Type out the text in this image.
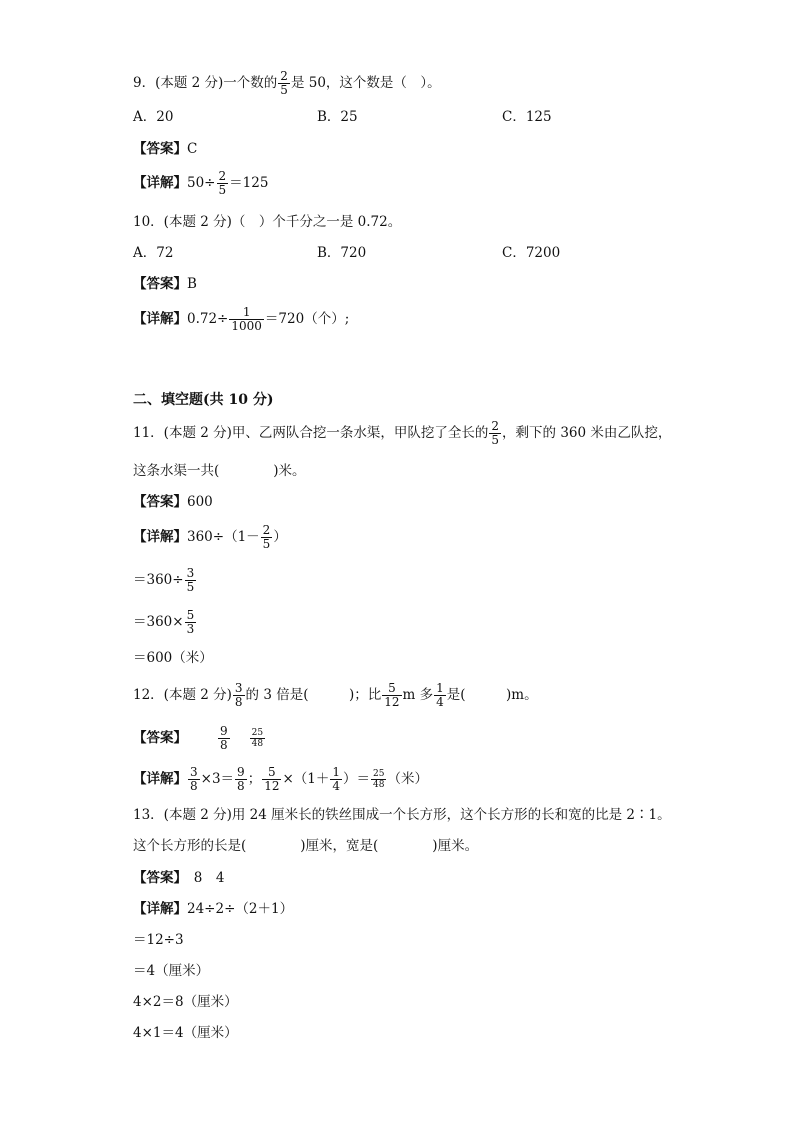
9．(本题 2 分)一个数的 $\frac{2}{5}$ 是 50，这个数是（　）。
A．20	B．25	C．125
【答案】C
【详解】$50\div \frac{2}{5} =125$
10．(本题 2 分)（　）个千分之一是 0.72。
A．72	B．720	C．7200
【答案】B
【详解】$0.72\div \frac{1}{1000} =720$（个）;
二、填空题(共 10 分)
11．(本题 2 分)甲、乙两队合挖一条水渠，甲队挖了全长的 $\frac{2}{5}$ ，剩下的 360 米由乙队挖，
这条水渠一共(　　　　)米。
【答案】600
【详解】$360\div(1- \frac{2}{5}$ ）
$=360\div \frac{3}{5}$
$=360\times \frac{5}{3}$
＝600（米）
12．(本题 2 分) $\frac{3}{8}$ 的 3 倍是(　　　)；比 $\frac{5}{12}$ m 多 $\frac{1}{4}$ 是(　　　)m。
【答案】	$\frac{9}{8} \frac{25}{48}$
【详解】 $\frac{3}{8} \times 3= \frac{9}{8}$ ； $\frac{5}{12} \times(1+ \frac{1}{4}$ ）＝ $\frac{25}{48}$ （米）
13．(本题 2 分)用 24 厘米长的铁丝围成一个长方形，这个长方形的长和宽的比是 2∶1。
这个长方形的长是(　　　　)厘米，宽是(　　　　)厘米。
【答案】　8　4
【详解】24÷2÷（2＋1）
＝12÷3
＝4（厘米）
4×2＝8（厘米）
4×1＝4（厘米）
